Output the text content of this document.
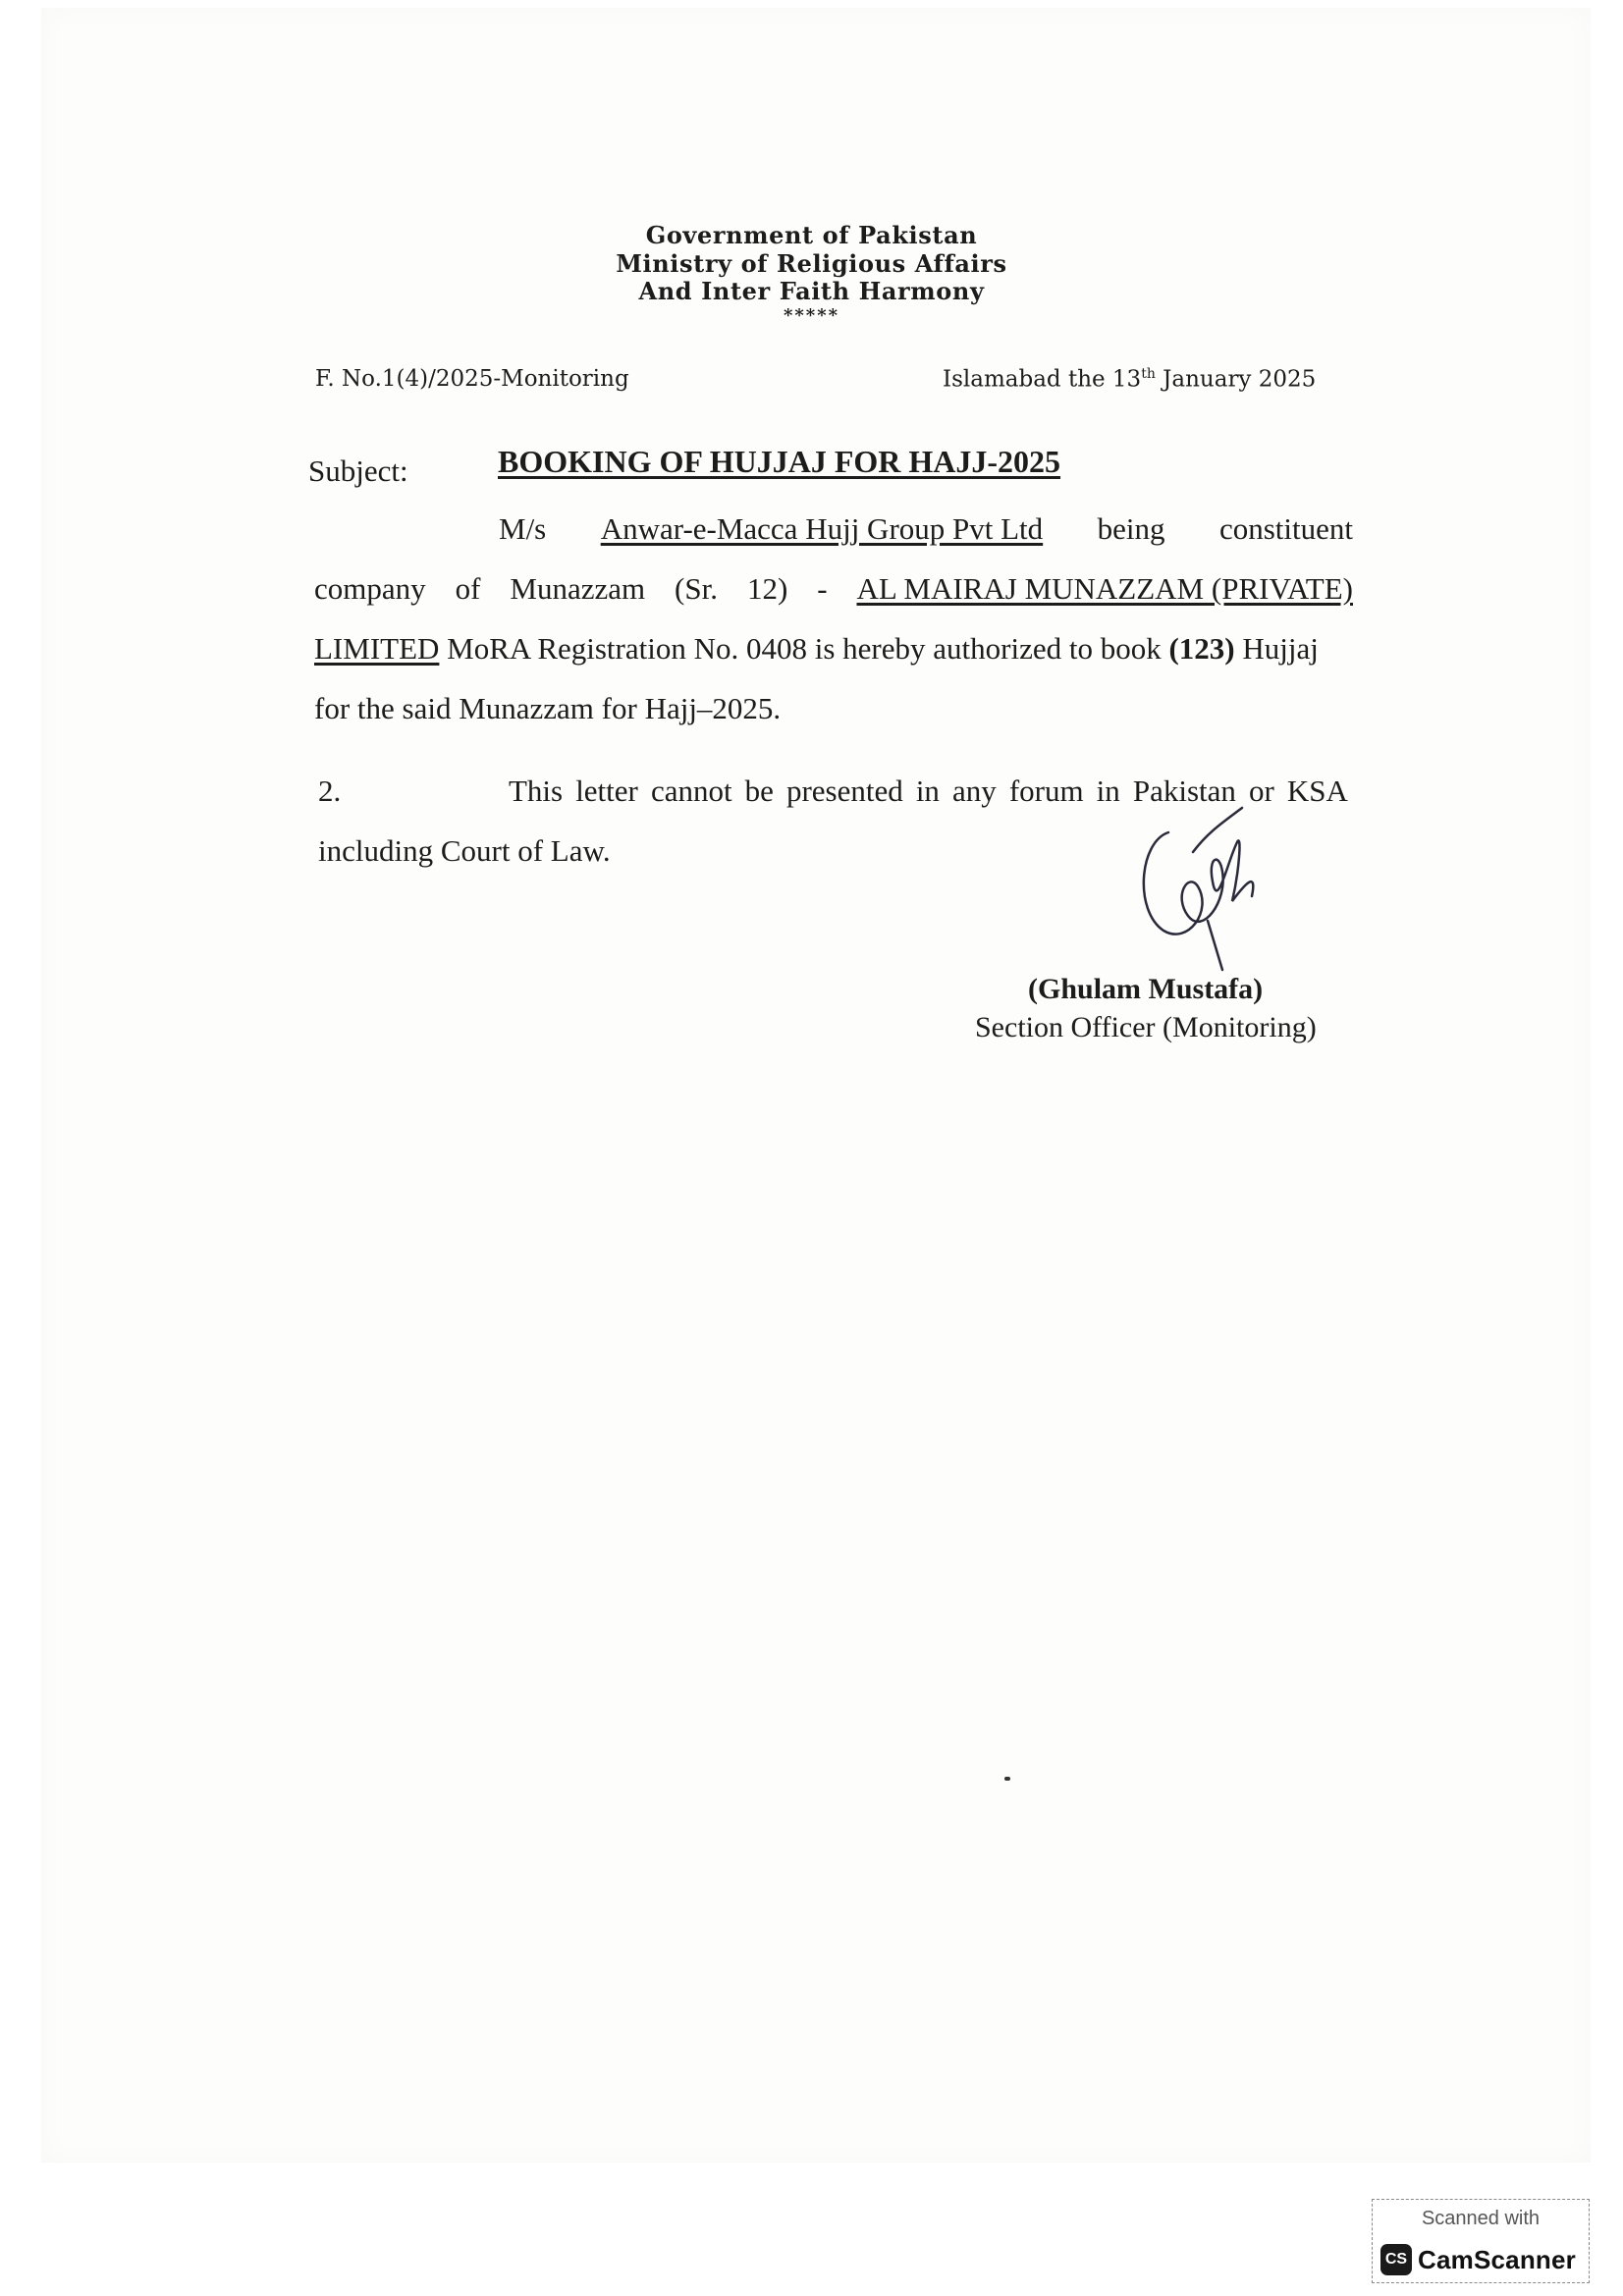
Government of Pakistan
Ministry of Religious Affairs
And Inter Faith Harmony
*****
F. No.1(4)/2025-Monitoring	Islamabad the 13th January 2025
Subject:	BOOKING OF HUJJAJ FOR HAJJ-2025
M/s Anwar-e-Macca Hujj Group Pvt Ltd being constituent
company of Munazzam (Sr. 12) - AL MAIRAJ MUNAZZAM (PRIVATE)
LIMITED MoRA Registration No. 0408 is hereby authorized to book (123) Hujjaj
for the said Munazzam for Hajj–2025.
2.	This letter cannot be presented in any forum in Pakistan or KSA
including Court of Law.
(Ghulam Mustafa)
Section Officer (Monitoring)
Scanned with
CS CamScanner
